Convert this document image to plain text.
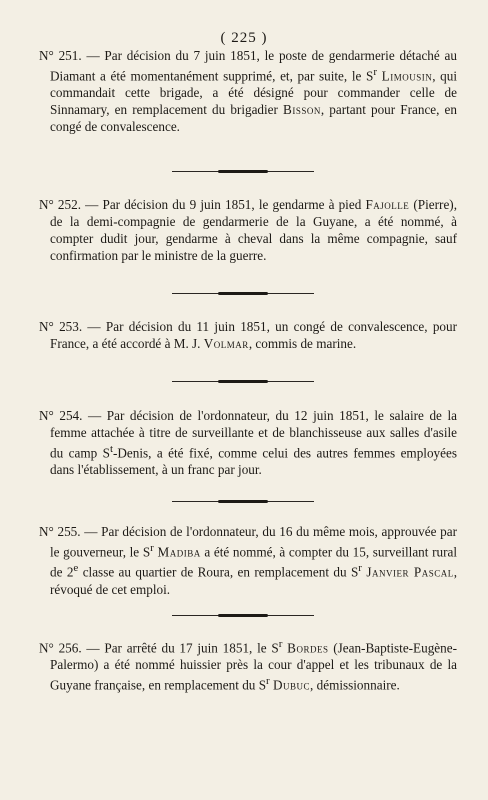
( 225 )
N° 251. — Par décision du 7 juin 1851, le poste de gendarmerie détaché au Diamant a été momentanément supprimé, et, par suite, le $S^r$ Limousin, qui commandait cette brigade, a été désigné pour commander celle de Sinnamary, en remplacement du brigadier Bisson, partant pour France, en congé de convalescence.
N° 252. — Par décision du 9 juin 1851, le gendarme à pied Fajolle (Pierre), de la demi-compagnie de gendarmerie de la Guyane, a été nommé, à compter dudit jour, gendarme à cheval dans la même compagnie, sauf confirmation par le ministre de la guerre.
N° 253. — Par décision du 11 juin 1851, un congé de convalescence, pour France, a été accordé à M. J. Volmar, commis de marine.
N° 254. — Par décision de l'ordonnateur, du 12 juin 1851, le salaire de la femme attachée à titre de surveillante et de blanchisseuse aux salles d'asile du camp $S^t$-Denis, a été fixé, comme celui des autres femmes employées dans l'établissement, à un franc par jour.
N° 255. — Par décision de l'ordonnateur, du 16 du même mois, approuvée par le gouverneur, le $S^r$ Madiba a été nommé, à compter du 15, surveillant rural de 2e classe au quartier de Roura, en remplacement du $S^r$ Janvier Pascal, révoqué de cet emploi.
N° 256. — Par arrêté du 17 juin 1851, le $S^r$ Bordes (Jean-Baptiste-Eugène-Palermo) a été nommé huissier près la cour d'appel et les tribunaux de la Guyane française, en remplacement du $S^r$ Dubuc, démissionnaire.
